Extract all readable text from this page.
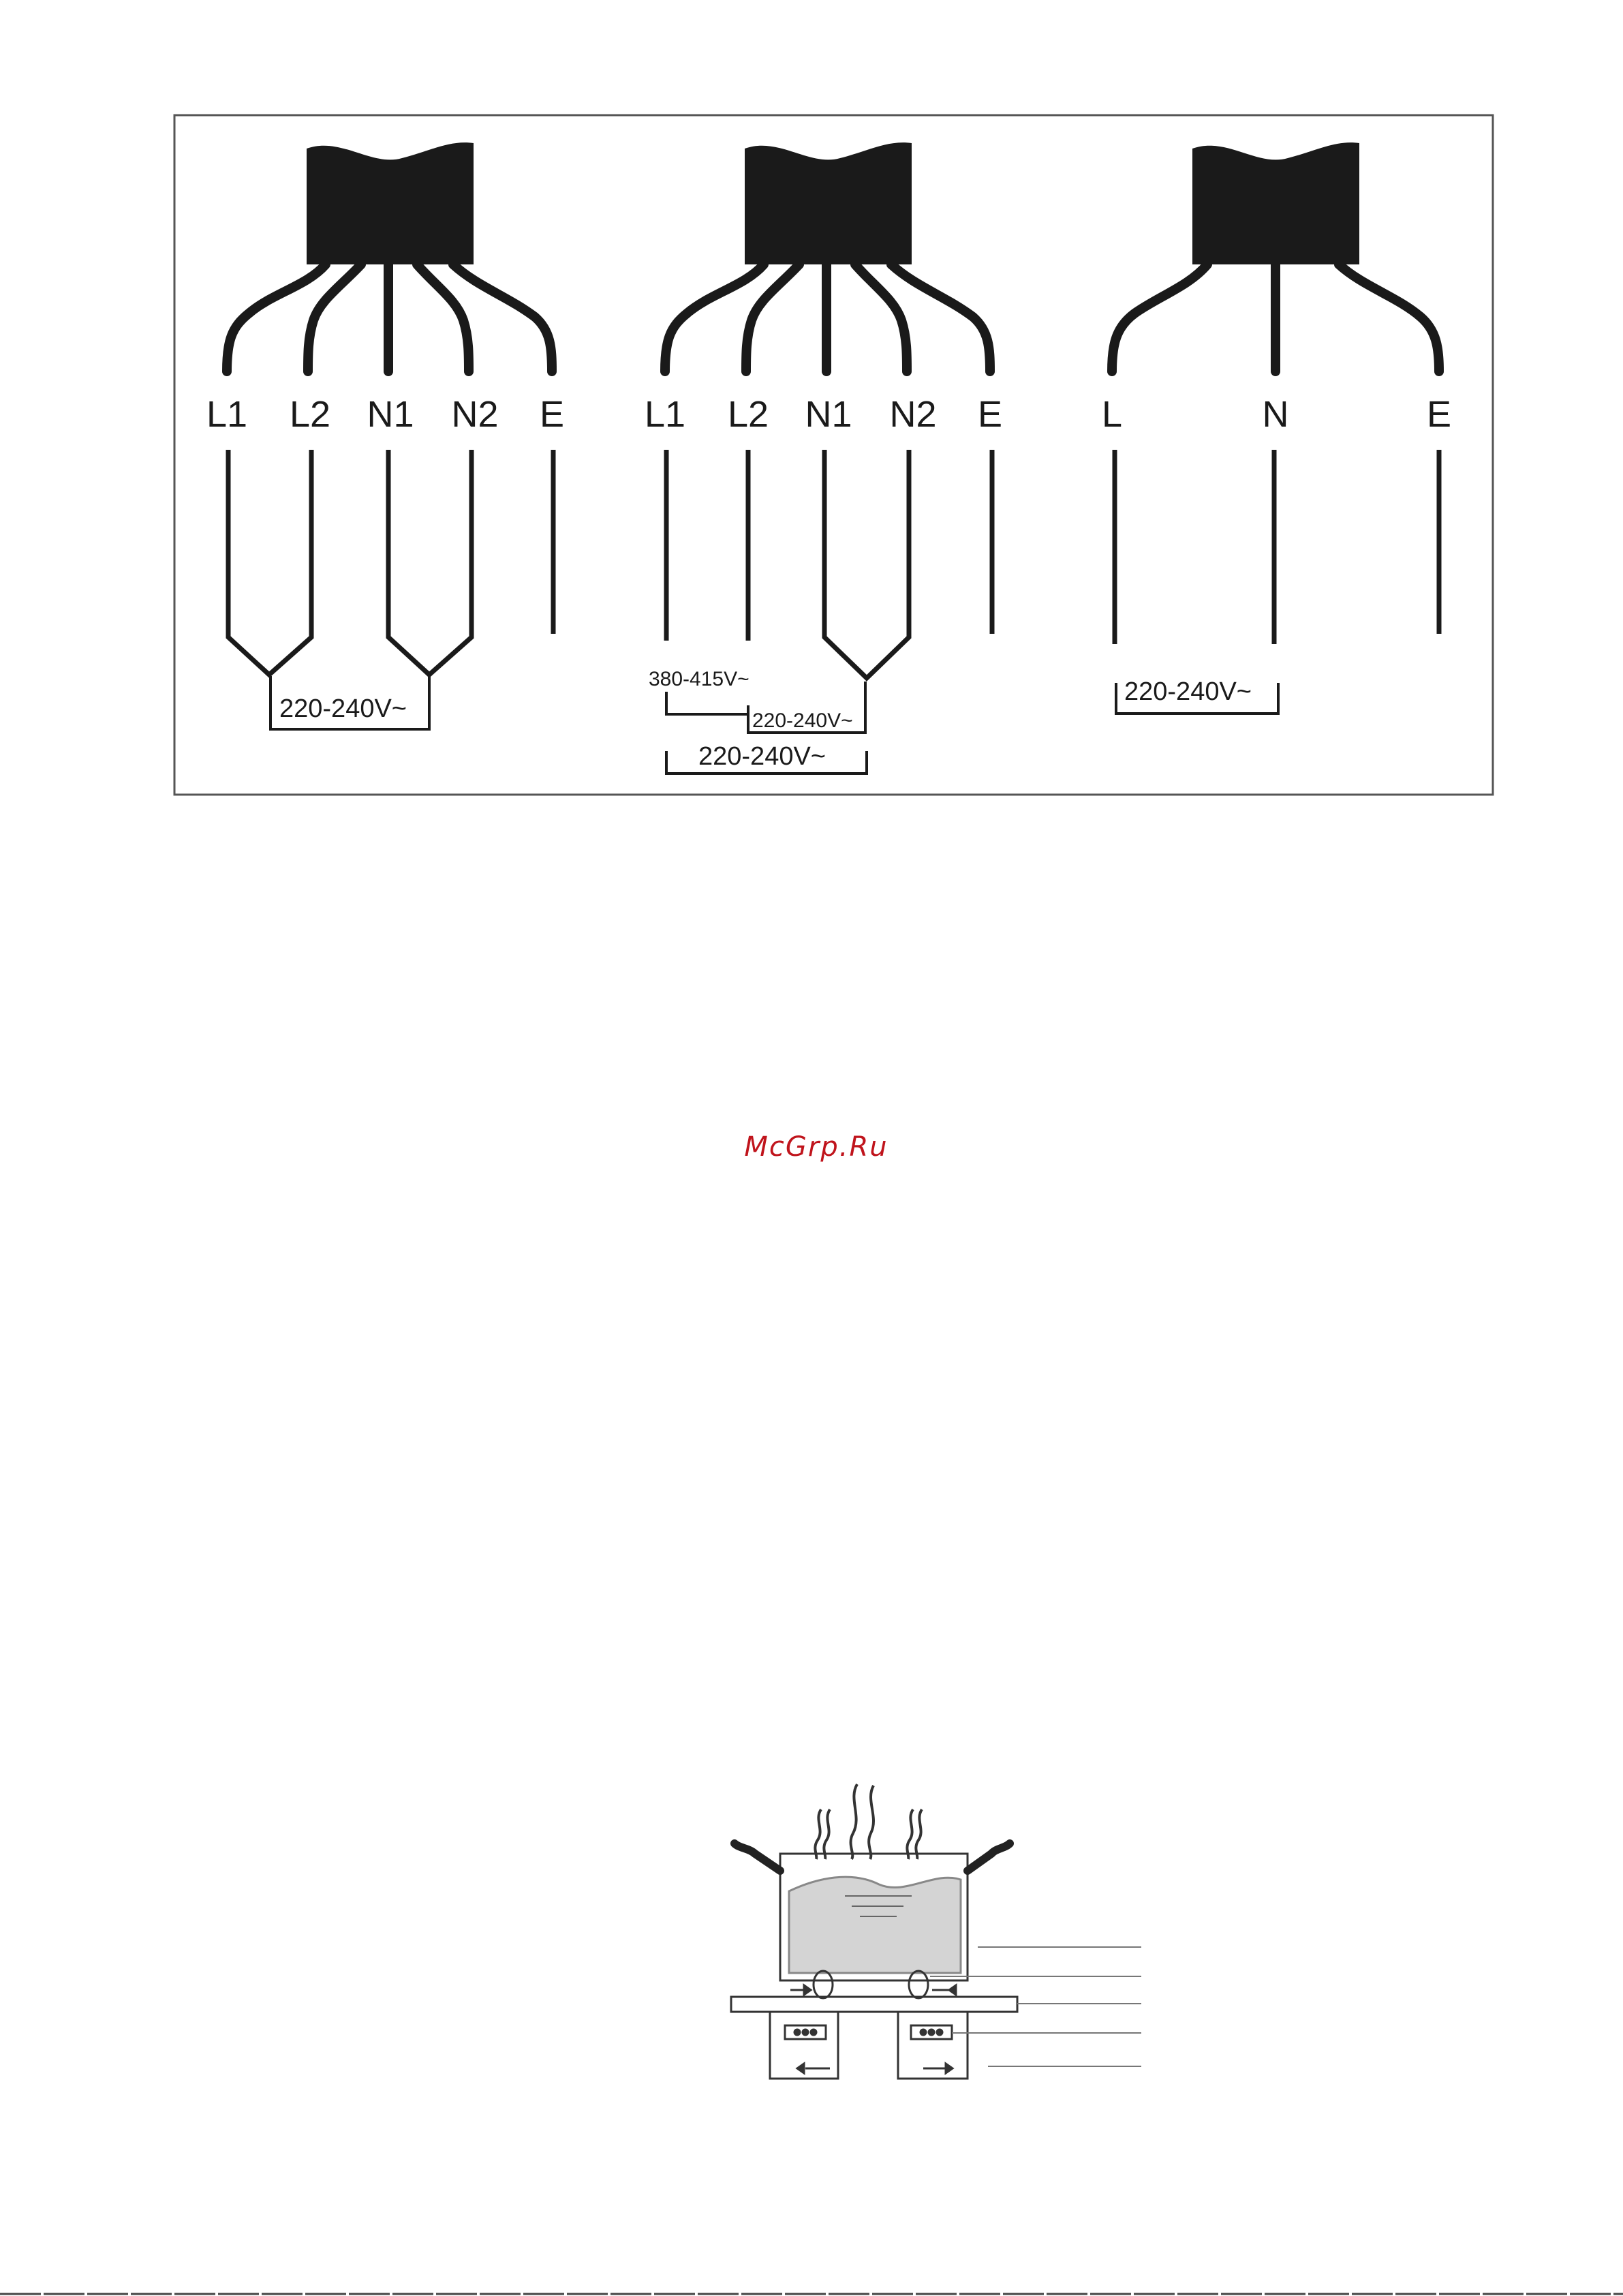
L1 L2 N1 N2 E
220-240V~
L1 L2 N1 N2 E
380-415V~
220-240V~
220-240V~
L	N	E
220-240V~
McGrp.Ru
